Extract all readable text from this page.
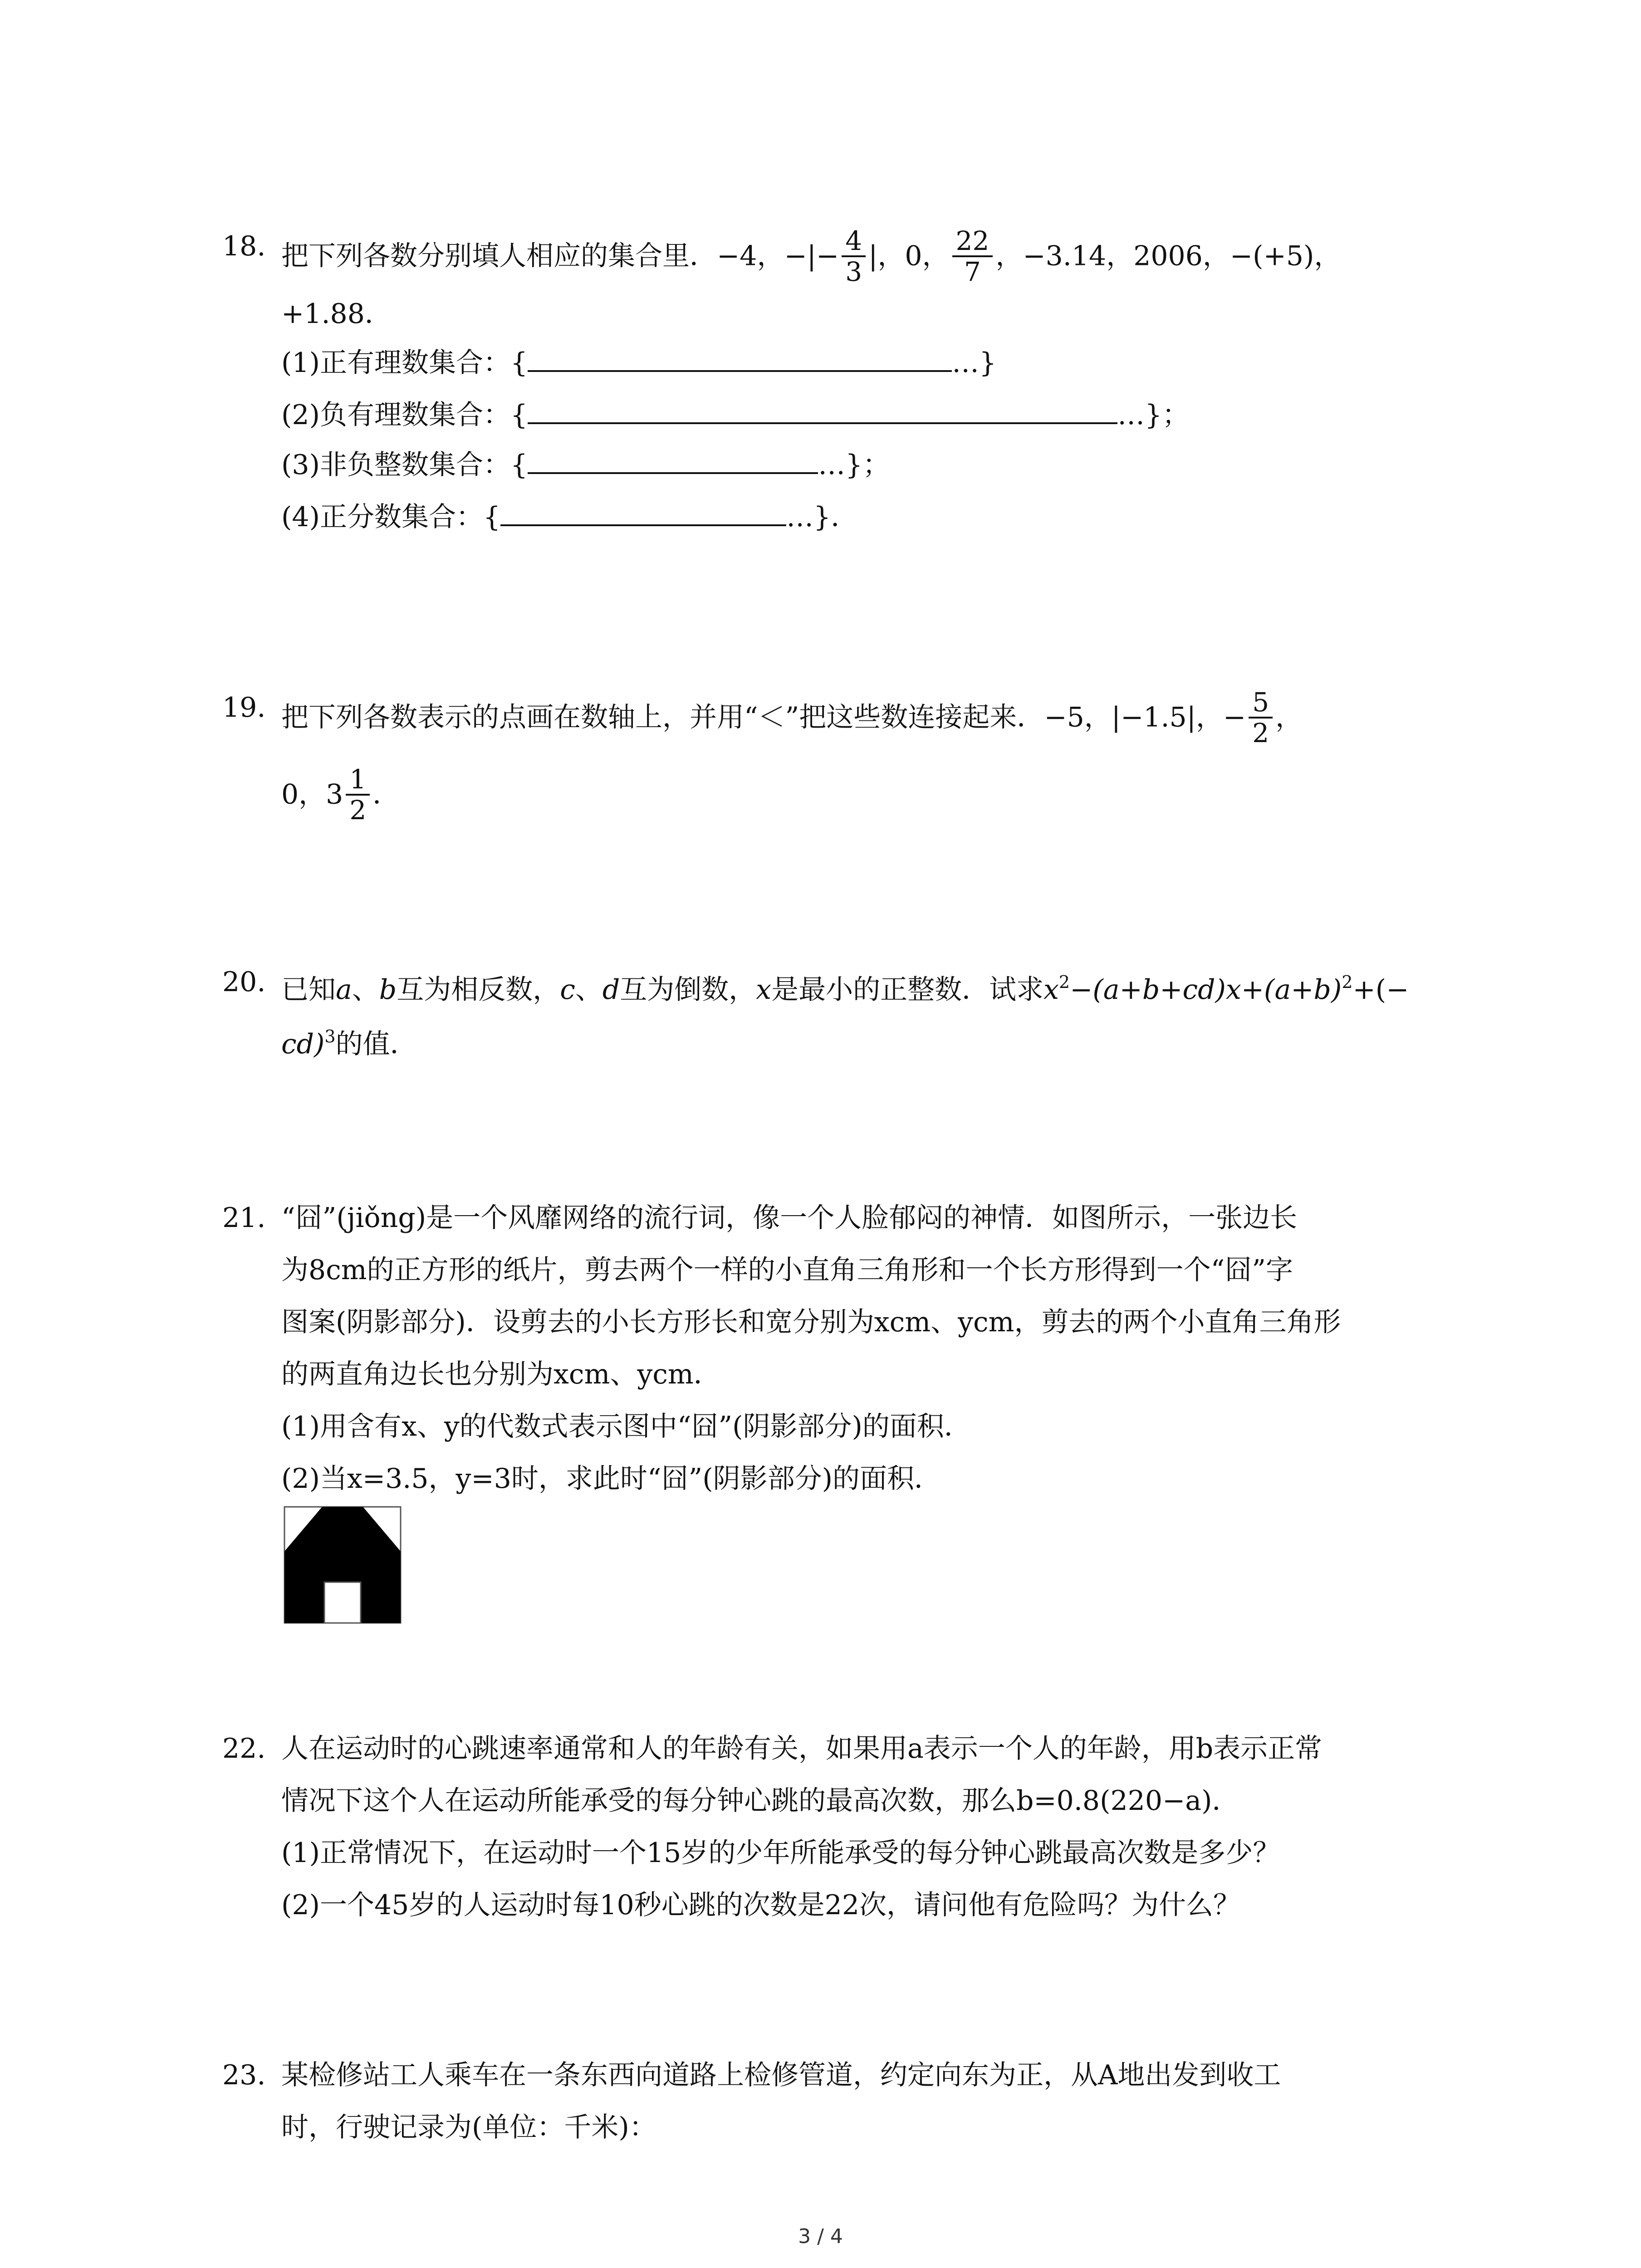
18. 把下列各数分别填人相应的集合里．−4，−|− $\frac{4}{3}$ |，0， $\frac{22}{7}$ ，−3.14，2006，−(+5)，
+1.88．
(1)正有理数集合：{	…}
(2)负有理数集合：{	…}；
(3)非负整数集合：{	…}；
(4)正分数集合：{	…}．
19. 把下列各数表示的点画在数轴上，并用“＜”把这些数连接起来．−5，|−1.5|，− $\frac{5}{2}$ ，
0，$3 \frac{1}{2}$ ．
20. 已知a、b互为相反数，c、d互为倒数，x是最小的正整数．试求$x^2-(a+b+cd)x+(a+b)^2+(-$
cd)$^3$的值．
21. “囧”(jiǒng)是一个风靡网络的流行词，像一个人脸郁闷的神情．如图所示，一张边长
为8cm的正方形的纸片，剪去两个一样的小直角三角形和一个长方形得到一个“囧”字
图案(阴影部分)．设剪去的小长方形长和宽分别为xcm、ycm，剪去的两个小直角三角形
的两直角边长也分别为xcm、ycm．
(1)用含有x、y的代数式表示图中“囧”(阴影部分)的面积．
(2)当x=3.5，y=3时，求此时“囧”(阴影部分)的面积．
22. 人在运动时的心跳速率通常和人的年龄有关，如果用a表示一个人的年龄，用b表示正常
情况下这个人在运动所能承受的每分钟心跳的最高次数，那么b=0.8(220−a)．
(1)正常情况下，在运动时一个15岁的少年所能承受的每分钟心跳最高次数是多少？
(2)一个45岁的人运动时每10秒心跳的次数是22次，请问他有危险吗？为什么？
23. 某检修站工人乘车在一条东西向道路上检修管道，约定向东为正，从A地出发到收工
时，行驶记录为(单位：千米)：
3 / 4
